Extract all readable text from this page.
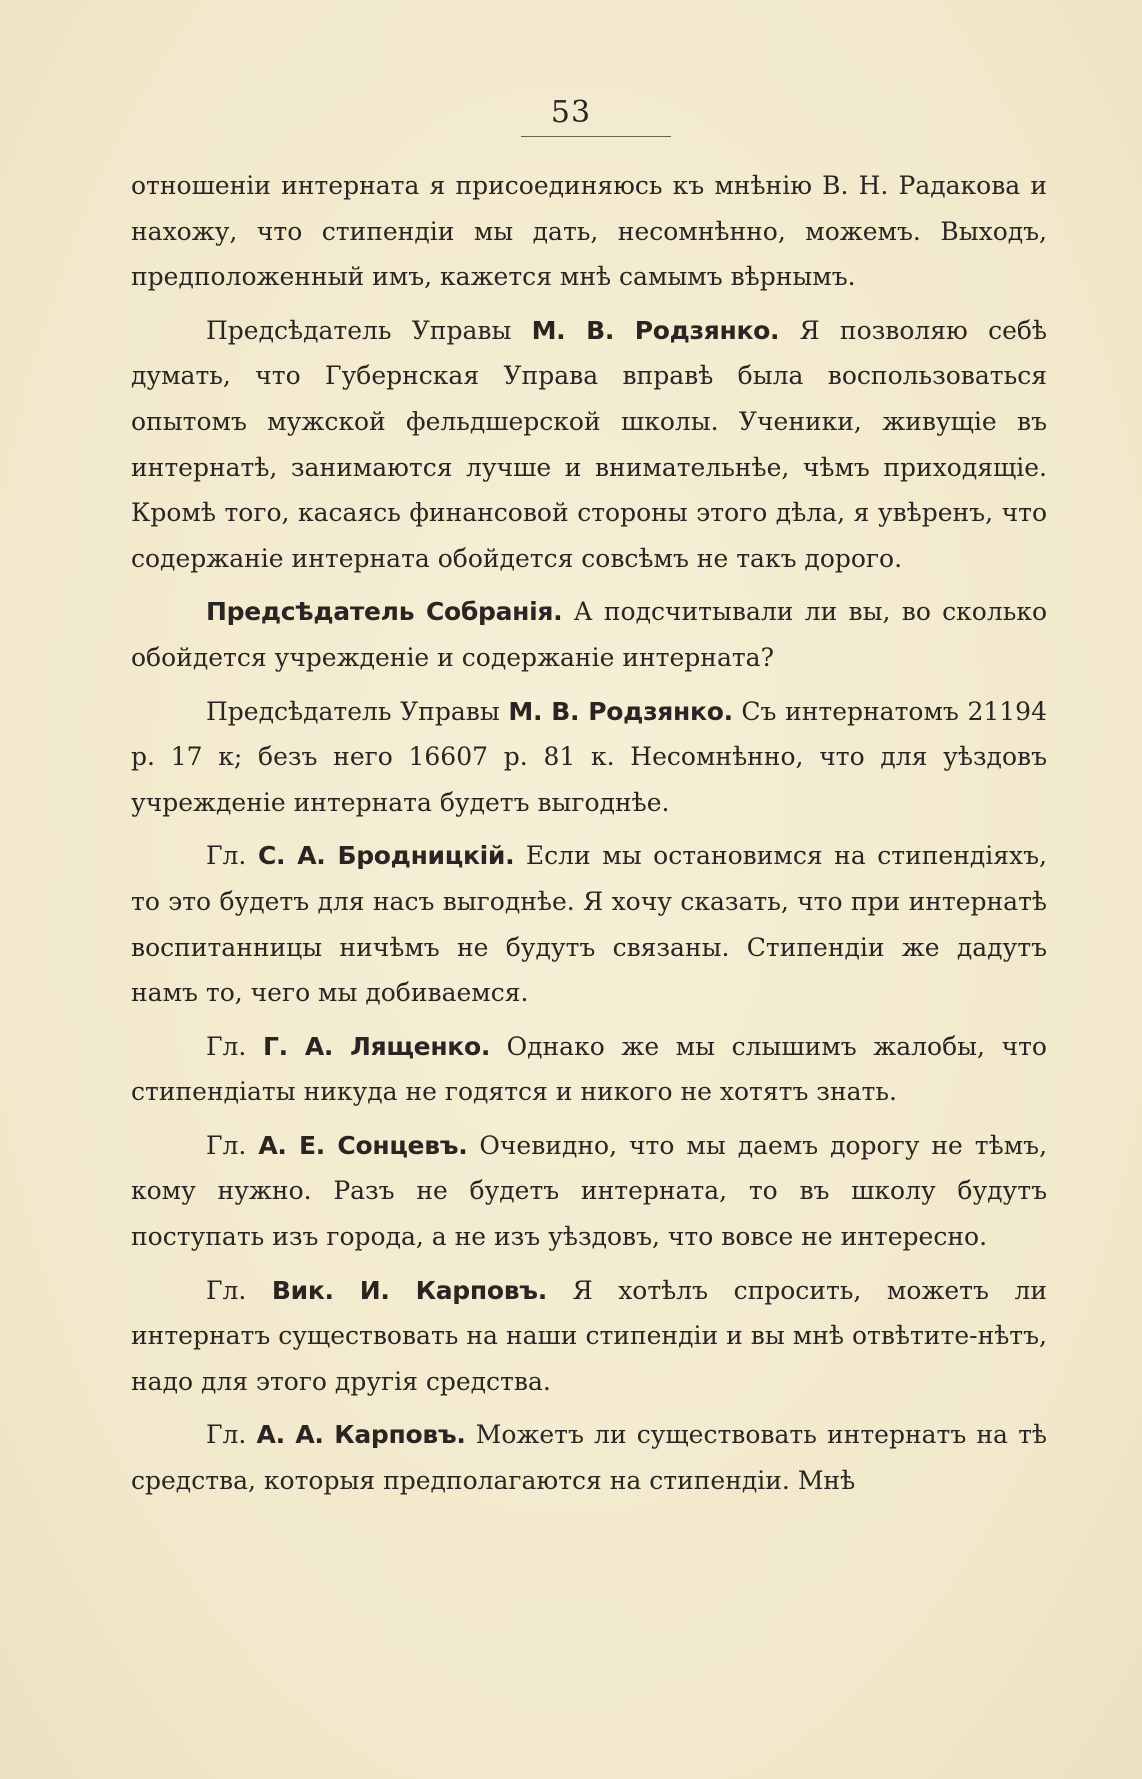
53

отношенiи интерната я присоединяюсь къ мнѣнiю В. Н. Радакова и нахожу, что стипендiи мы дать, несомнѣнно, можемъ. Выходъ, предположенный имъ, кажется мнѣ самымъ вѣрнымъ.

Предсѣдатель Управы М. В. Родзянко. Я позволяю себѣ думать, что Губернская Управа вправѣ была воспользоваться опытомъ мужской фельдшерской школы. Ученики, живущiе въ интернатѣ, занимаются лучше и внимательнѣе, чѣмъ приходящiе. Кромѣ того, касаясь финансовой стороны этого дѣла, я увѣренъ, что содержанiе интерната обойдется совсѣмъ не такъ дорого.

Предсѣдатель Собранiя. А подсчитывали ли вы, во сколько обойдется учрежденiе и содержанiе интерната?

Предсѣдатель Управы М. В. Родзянко. Съ интернатомъ 21194 р. 17 к; безъ него 16607 р. 81 к. Несомнѣнно, что для уѣздовъ учрежденiе интерната будетъ выгоднѣе.

Гл. С. А. Бродницкiй. Если мы остановимся на стипендiяхъ, то это будетъ для насъ выгоднѣе. Я хочу сказать, что при интернатѣ воспитанницы ничѣмъ не будутъ связаны. Стипендiи же дадутъ намъ то, чего мы добиваемся.

Гл. Г. А. Лященко. Однако же мы слышимъ жалобы, что стипендiаты никуда не годятся и никого не хотятъ знать.

Гл. А. Е. Сонцевъ. Очевидно, что мы даемъ дорогу не тѣмъ, кому нужно. Разъ не будетъ интерната, то въ школу будутъ поступать изъ города, а не изъ уѣздовъ, что вовсе не интересно.

Гл. Вик. И. Карповъ. Я хотѣлъ спросить, можетъ ли интернатъ существовать на наши стипендiи и вы мнѣ отвѣтите-нѣтъ, надо для этого другiя средства.

Гл. А. А. Карповъ. Можетъ ли существовать интернатъ на тѣ средства, которыя предполагаются на стипендiи. Мнѣ
